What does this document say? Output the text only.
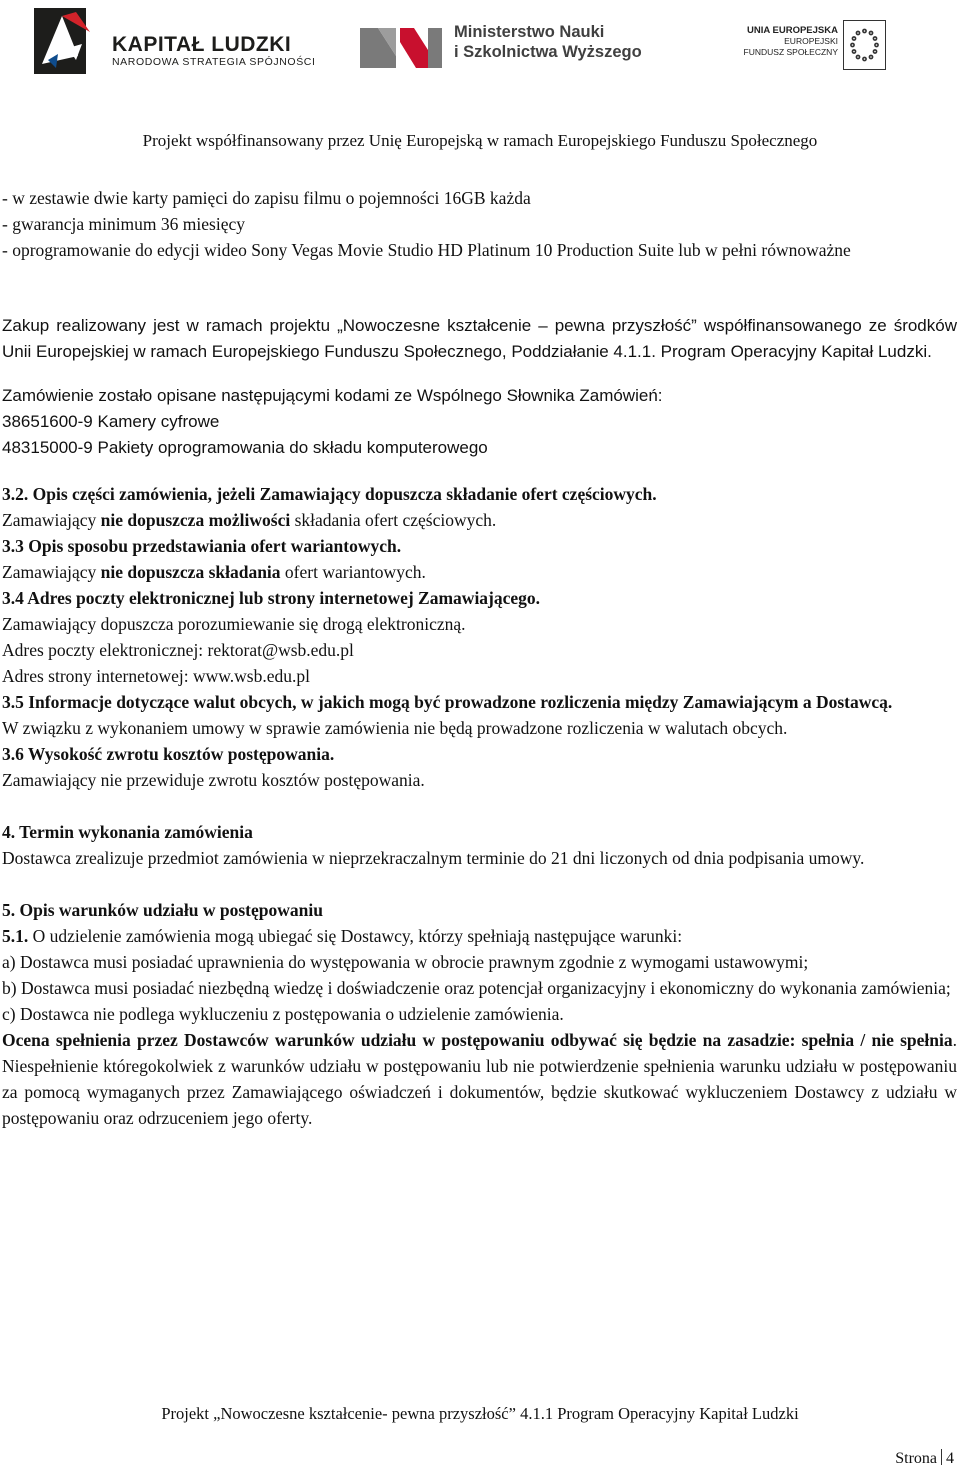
KAPITAŁ LUDZKI
NARODOWA STRATEGIA SPÓJNOŚCI
Ministerstwo Nauki
i Szkolnictwa Wyższego
UNIA EUROPEJSKA
EUROPEJSKI
FUNDUSZ SPOŁECZNY
Projekt współfinansowany przez Unię Europejską w ramach Europejskiego Funduszu Społecznego

- w zestawie dwie karty pamięci do zapisu filmu o pojemności 16GB każda

- gwarancja minimum 36 miesięcy

- oprogramowanie do edycji wideo Sony Vegas Movie Studio HD Platinum 10 Production Suite lub w pełni równoważne

Zakup realizowany jest w ramach projektu „Nowoczesne kształcenie – pewna przyszłość” współfinansowanego ze środków Unii Europejskiej w ramach Europejskiego Funduszu Społecznego, Poddziałanie 4.1.1. Program Operacyjny Kapitał Ludzki.

Zamówienie zostało opisane następującymi kodami ze Wspólnego Słownika Zamówień:

38651600-9 Kamery cyfrowe

48315000-9 Pakiety oprogramowania do składu komputerowego

3.2. Opis części zamówienia, jeżeli Zamawiający dopuszcza składanie ofert częściowych.

Zamawiający nie dopuszcza możliwości składania ofert częściowych.

3.3 Opis sposobu przedstawiania ofert wariantowych.

Zamawiający nie dopuszcza składania ofert wariantowych.

3.4 Adres poczty elektronicznej lub strony internetowej Zamawiającego.

Zamawiający dopuszcza porozumiewanie się drogą elektroniczną.

Adres poczty elektronicznej: rektorat@wsb.edu.pl

Adres strony internetowej: www.wsb.edu.pl

3.5 Informacje dotyczące walut obcych, w jakich mogą być prowadzone rozliczenia między Zamawiającym a Dostawcą.

W związku z wykonaniem umowy w sprawie zamówienia nie będą prowadzone rozliczenia w walutach obcych.

3.6 Wysokość zwrotu kosztów postępowania.

Zamawiający nie przewiduje zwrotu kosztów postępowania.

4. Termin wykonania zamówienia

Dostawca zrealizuje przedmiot zamówienia w nieprzekraczalnym terminie do 21 dni liczonych od dnia podpisania umowy.

5. Opis warunków udziału w postępowaniu

5.1. O udzielenie zamówienia mogą ubiegać się Dostawcy, którzy spełniają następujące warunki:

a) Dostawca musi posiadać uprawnienia do występowania w obrocie prawnym zgodnie z wymogami ustawowymi;

b) Dostawca musi posiadać niezbędną wiedzę i doświadczenie oraz potencjał organizacyjny i ekonomiczny do wykonania zamówienia;

c) Dostawca nie podlega wykluczeniu z postępowania o udzielenie zamówienia.

Ocena spełnienia przez Dostawców warunków udziału w postępowaniu odbywać się będzie na zasadzie: spełnia / nie spełnia. Niespełnienie któregokolwiek z warunków udziału w postępowaniu lub nie potwierdzenie spełnienia warunku udziału w postępowaniu za pomocą wymaganych przez Zamawiającego oświadczeń i dokumentów, będzie skutkować wykluczeniem Dostawcy z udziału w postępowaniu oraz odrzuceniem jego oferty.

Projekt „Nowoczesne kształcenie- pewna przyszłość” 4.1.1 Program Operacyjny Kapitał Ludzki
Strona 4
